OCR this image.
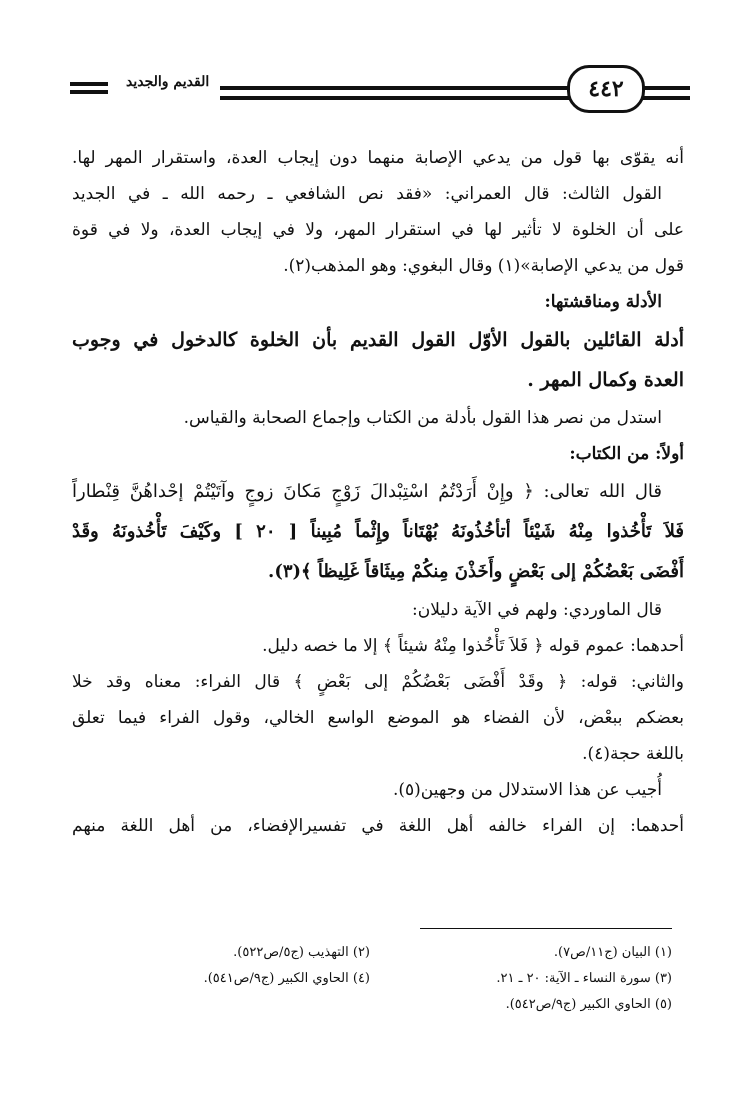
القديم والجديد	٤٤٢
أنه يقوّى بها قول من يدعي الإصابة منهما دون إيجاب العدة، واستقرار المهر لها.
القول الثالث: قال العمراني: «فقد نص الشافعي ـ رحمه الله ـ في الجديد
على أن الخلوة لا تأثير لها في استقرار المهر، ولا في إيجاب العدة، ولا في قوة
قول من يدعي الإصابة»(١) وقال البغوي: وهو المذهب(٢).
الأدلة ومناقشتها:
أدلة القائلين بالقول الأوّل القول القديم بأن الخلوة كالدخول في وجوب
العدة وكمال المهر .
استدل من نصر هذا القول بأدلة من الكتاب وإجماع الصحابة والقياس.
أولاً: من الكتاب:
قال الله تعالى: ﴿ وإِنْ أَرَدْتُمُ اسْتِبْدالَ زَوْجٍ مَكانَ زوجٍ وآتَيْتُمْ إحْداهُنَّ قِنْطاراً
فَلاَ تَأْخُذوا مِنْهُ شَيْئاً أتأخُذُونَهُ بُهْتَاناً وإِثْماً مُبِيناً [ ٢٠ ] وكَيْفَ تَأْخُذونَهُ وقَدْ
أَفْضَى بَعْضُكُمْ إلى بَعْضٍ وأَخَذْنَ مِنكُمْ مِيثَاقاً غَلِيظاً ﴾(٣).
قال الماوردي: ولهم في الآية دليلان:
أحدهما: عموم قوله ﴿ فَلاَ تَأْخُذوا مِنْهُ شيئاً ﴾ إلا ما خصه دليل.
والثاني: قوله: ﴿ وقَدْ أَفْضَى بَعْضُكُمْ إلى بَعْضٍ ﴾ قال الفراء: معناه وقد خلا
بعضكم ببعْض، لأن الفضاء هو الموضع الواسع الخالي، وقول الفراء فيما تعلق
باللغة حجة(٤).
أُجيب عن هذا الاستدلال من وجهين(٥).
أحدهما: إن الفراء خالفه أهل اللغة في تفسيرالإفضاء، من أهل اللغة منهم
(١) البيان (ج١١/ص٧).
(٢) التهذيب (ج٥/ص٥٢٢).
(٣) سورة النساء ـ الآية: ٢٠ ـ ٢١.
(٤) الحاوي الكبير (ج٩/ص٥٤١).
(٥) الحاوي الكبير (ج٩/ص٥٤٢).
